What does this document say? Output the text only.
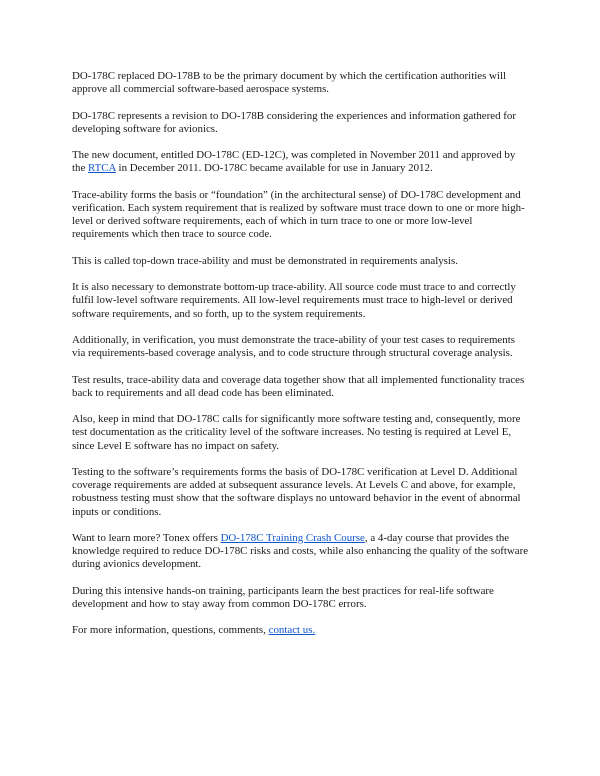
DO-178C replaced DO-178B to be the primary document by which the certification authorities will approve all commercial software-based aerospace systems.

DO-178C represents a revision to DO-178B considering the experiences and information gathered for developing software for avionics.

The new document, entitled DO-178C (ED-12C), was completed in November 2011 and approved by the RTCA in December 2011. DO-178C became available for use in January 2012.

Trace-ability forms the basis or “foundation” (in the architectural sense) of DO-178C development and verification. Each system requirement that is realized by software must trace down to one or more high-level or derived software requirements, each of which in turn trace to one or more low-level requirements which then trace to source code.

This is called top-down trace-ability and must be demonstrated in requirements analysis.

It is also necessary to demonstrate bottom-up trace-ability. All source code must trace to and correctly fulfil low-level software requirements. All low-level requirements must trace to high-level or derived software requirements, and so forth, up to the system requirements.

Additionally, in verification, you must demonstrate the trace-ability of your test cases to requirements via requirements-based coverage analysis, and to code structure through structural coverage analysis.

Test results, trace-ability data and coverage data together show that all implemented functionality traces back to requirements and all dead code has been eliminated.

Also, keep in mind that DO-178C calls for significantly more software testing and, consequently, more test documentation as the criticality level of the software increases. No testing is required at Level E, since Level E software has no impact on safety.

Testing to the software’s requirements forms the basis of DO-178C verification at Level D. Additional coverage requirements are added at subsequent assurance levels. At Levels C and above, for example, robustness testing must show that the software displays no untoward behavior in the event of abnormal inputs or conditions.

Want to learn more? Tonex offers DO-178C Training Crash Course, a 4-day course that provides the knowledge required to reduce DO-178C risks and costs, while also enhancing the quality of the software during avionics development.

During this intensive hands-on training, participants learn the best practices for real-life software development and how to stay away from common DO-178C errors.

For more information, questions, comments, contact us.
